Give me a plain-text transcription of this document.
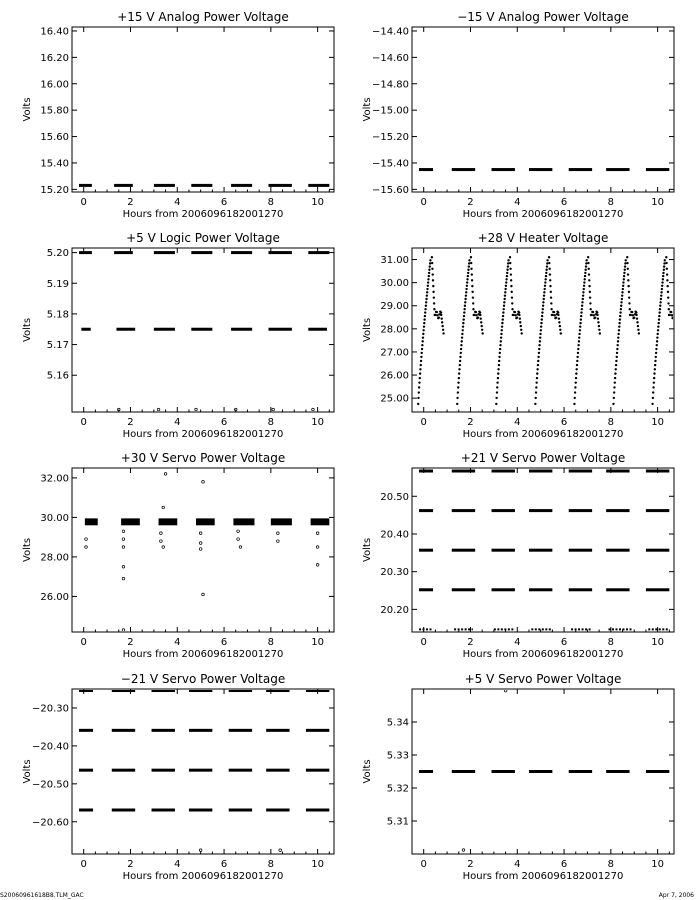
+15 V Analog Power Voltage
0	2	4	6	8	10
15.20
15.40
15.60
15.80
16.00
16.20
16.40
Hours from 2006096182001270
Volts
−15 V Analog Power Voltage
0	2	4	6	8	10
−15.60
−15.40
−15.20
−15.00
−14.80
−14.60
−14.40
Hours from 2006096182001270
Volts
+5 V Logic Power Voltage
0	2	4	6	8	10
5.16
5.17
5.18
5.19
5.20
Hours from 2006096182001270
Volts
+28 V Heater Voltage
0	2	4	6	8	10
25.00
26.00
27.00
28.00
29.00
30.00
31.00
Hours from 2006096182001270
Volts
+30 V Servo Power Voltage
0	2	4	6	8	10
26.00
28.00
30.00
32.00
Hours from 2006096182001270
Volts
+21 V Servo Power Voltage
0	2	4	6	8	10
20.20
20.30
20.40
20.50
Hours from 2006096182001270
Volts
−21 V Servo Power Voltage
0	2	4	6	8	10
−20.60
−20.50
−20.40
−20.30
Hours from 2006096182001270
Volts
+5 V Servo Power Voltage
0	2	4	6	8	10
5.31
5.32
5.33
5.34
Hours from 2006096182001270
Volts
S20060961618B8.TLM_GAC	Apr 7, 2006
